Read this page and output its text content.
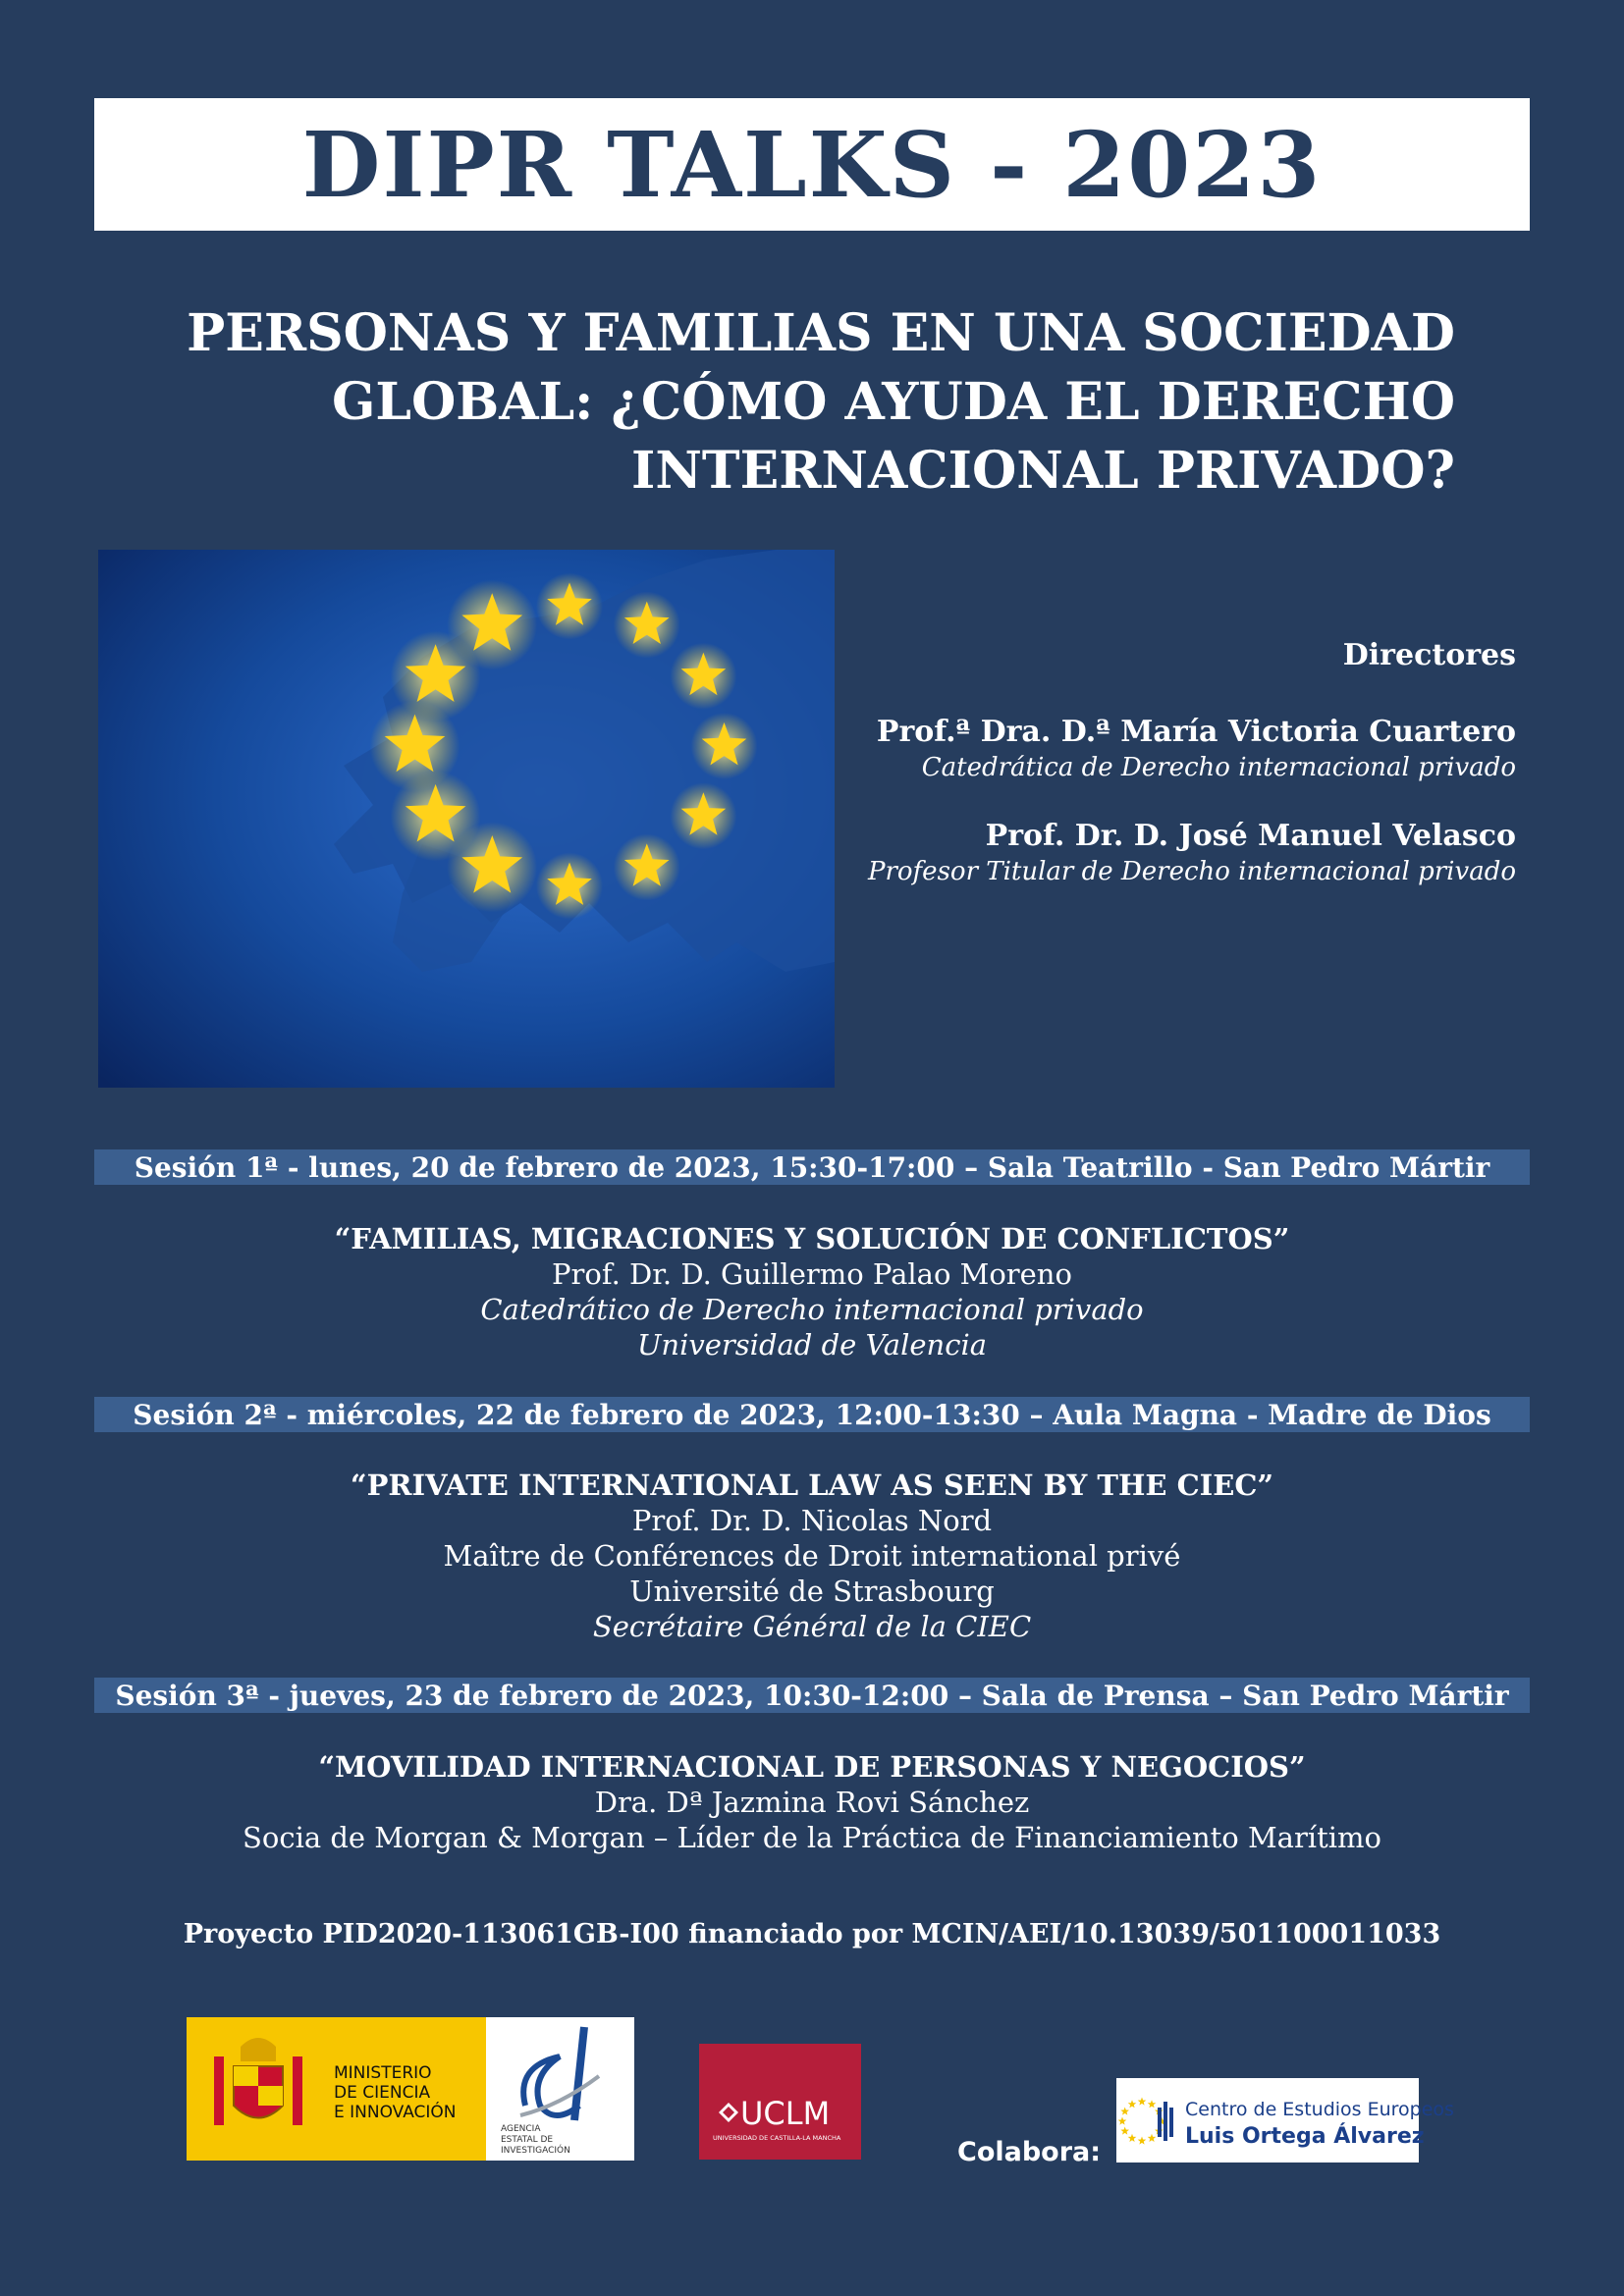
DIPR TALKS - 2023
PERSONAS Y FAMILIAS EN UNA SOCIEDAD
GLOBAL: ¿CÓMO AYUDA EL DERECHO
INTERNACIONAL PRIVADO?
Directores
Prof.ª Dra. D.ª María Victoria Cuartero
Catedrática de Derecho internacional privado
Prof. Dr. D. José Manuel Velasco
Profesor Titular de Derecho internacional privado
Sesión 1ª - lunes, 20 de febrero de 2023, 15:30-17:00 – Sala Teatrillo - San Pedro Mártir
“FAMILIAS, MIGRACIONES Y SOLUCIÓN DE CONFLICTOS”
Prof. Dr. D. Guillermo Palao Moreno
Catedrático de Derecho internacional privado
Universidad de Valencia
Sesión 2ª - miércoles, 22 de febrero de 2023, 12:00-13:30 – Aula Magna - Madre de Dios
“PRIVATE INTERNATIONAL LAW AS SEEN BY THE CIEC”
Prof. Dr. D. Nicolas Nord
Maître de Conférences de Droit international privé
Université de Strasbourg
Secrétaire Général de la CIEC
Sesión 3ª - jueves, 23 de febrero de 2023, 10:30-12:00 – Sala de Prensa – San Pedro Mártir
“MOVILIDAD INTERNACIONAL DE PERSONAS Y NEGOCIOS”
Dra. Dª Jazmina Rovi Sánchez
Socia de Morgan & Morgan – Líder de la Práctica de Financiamiento Marítimo
Proyecto PID2020-113061GB-I00 financiado por MCIN/AEI/10.13039/501100011033
MINISTERIO
DE CIENCIA
E INNOVACIÓN
AGENCIA
ESTATAL DE
INVESTIGACIÓN
UCLM
UNIVERSIDAD DE CASTILLA-LA MANCHA	Colabora:
Centro de Estudios Europeos
Luis Ortega Álvarez
